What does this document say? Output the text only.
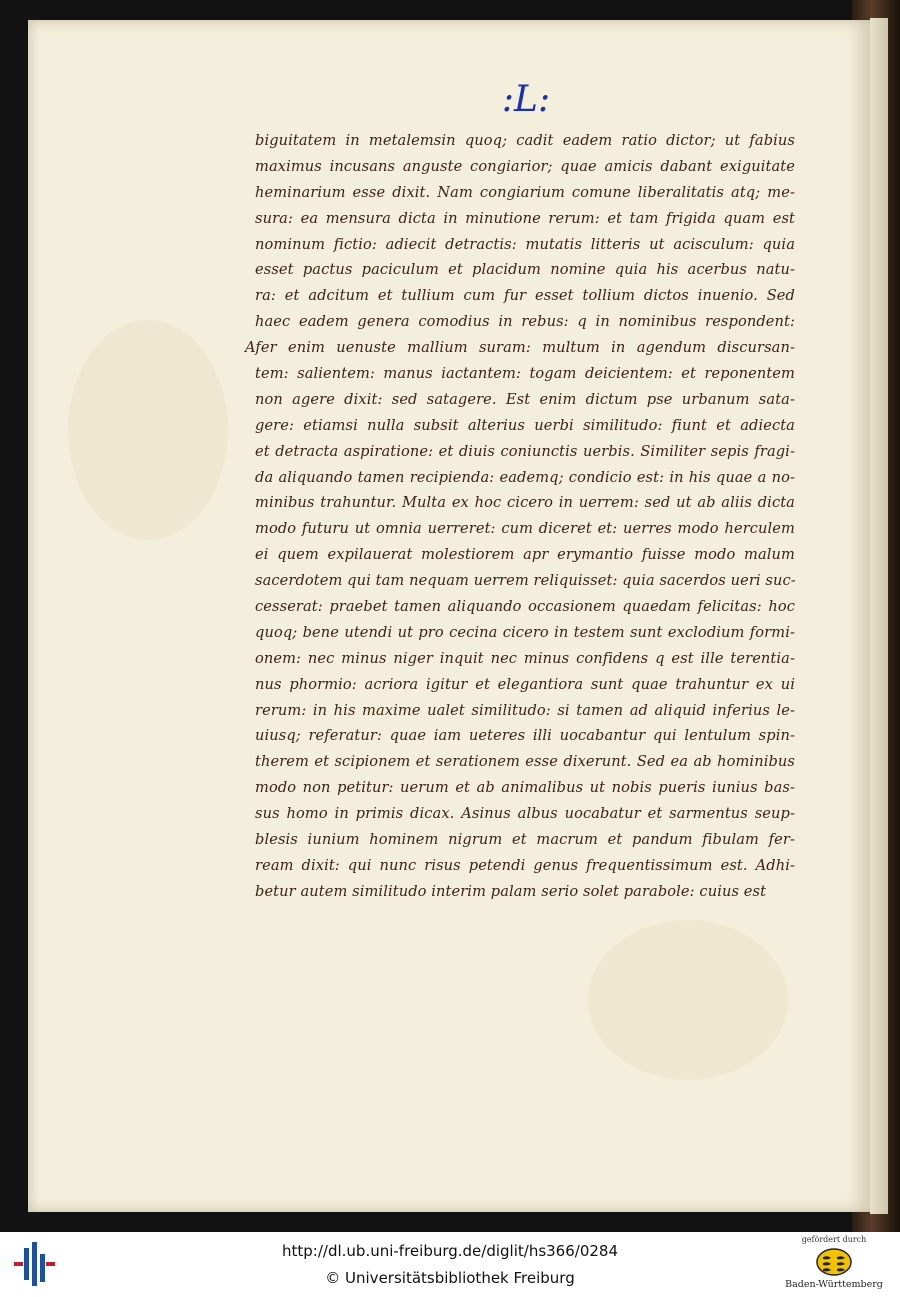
:L:
biguitatem in metalemsin quoq; cadit eadem ratio dictor; ut fabius
maximus incusans anguste congiarior; quae amicis dabant exiguitate
heminarium esse dixit. Nam congiarium comune liberalitatis atq; me-
sura: ea mensura dicta in minutione rerum: et tam frigida quam est
nominum fictio: adiecit detractis: mutatis litteris ut acisculum: quia
esset pactus paciculum et placidum nomine quia his acerbus natu-
ra: et adcitum et tullium cum fur esset tollium dictos inuenio. Sed
haec eadem genera comodius in rebus: q in nominibus respondent:
Afer enim uenuste mallium suram: multum in agendum discursan-
tem: salientem: manus iactantem: togam deicientem: et reponentem
non agere dixit: sed satagere. Est enim dictum pse urbanum sata-
gere: etiamsi nulla subsit alterius uerbi similitudo: fiunt et adiecta
et detracta aspiratione: et diuis coniunctis uerbis. Similiter sepis fragi-
da aliquando tamen recipienda: eademq; condicio est: in his quae a no-
minibus trahuntur. Multa ex hoc cicero in uerrem: sed ut ab aliis dicta
modo futuru ut omnia uerreret: cum diceret et: uerres modo herculem
ei quem expilauerat molestiorem apr erymantio fuisse modo malum
sacerdotem qui tam nequam uerrem reliquisset: quia sacerdos ueri suc-
cesserat: praebet tamen aliquando occasionem quaedam felicitas: hoc
quoq; bene utendi ut pro cecina cicero in testem sunt exclodium formi-
onem: nec minus niger inquit nec minus confidens q est ille terentia-
nus phormio: acriora igitur et elegantiora sunt quae trahuntur ex ui
rerum: in his maxime ualet similitudo: si tamen ad aliquid inferius le-
uiusq; referatur: quae iam ueteres illi uocabantur qui lentulum spin-
therem et scipionem et serationem esse dixerunt. Sed ea ab hominibus
modo non petitur: uerum et ab animalibus ut nobis pueris iunius bas-
sus homo in primis dicax. Asinus albus uocabatur et sarmentus seup-
blesis iunium hominem nigrum et macrum et pandum fibulam fer-
ream dixit: qui nunc risus petendi genus frequentissimum est. Adhi-
betur autem similitudo interim palam serio solet parabole: cuius est
http://dl.ub.uni-freiburg.de/diglit/hs366/0284
© Universitätsbibliothek Freiburg
gefördert durch
Baden-Württemberg
